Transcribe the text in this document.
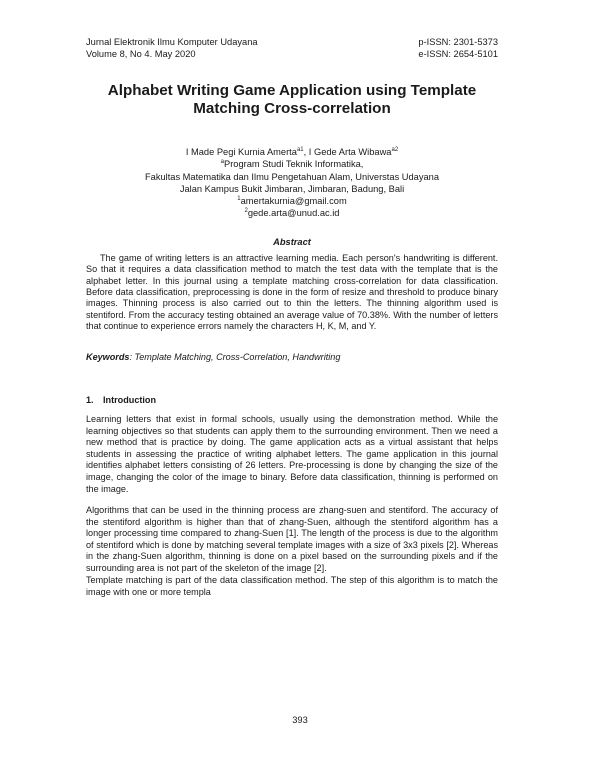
Jurnal Elektronik Ilmu Komputer Udayana
Volume 8, No 4. May 2020
p-ISSN: 2301-5373
e-ISSN: 2654-5101
Alphabet Writing Game Application using Template Matching Cross-correlation
I Made Pegi Kurnia Amerta$^{a1}$, I Gede Arta Wibawa$^{a2}$
$^a$Program Studi Teknik Informatika,
Fakultas Matematika dan Ilmu Pengetahuan Alam, Universtas Udayana
Jalan Kampus Bukit Jimbaran, Jimbaran, Badung, Bali
$^1$amertakurnia@gmail.com
$^2$gede.arta@unud.ac.id
Abstract
The game of writing letters is an attractive learning media. Each person's handwriting is different. So that it requires a data classification method to match the test data with the template that is the alphabet letter. In this journal using a template matching cross-correlation for data classification. Before data classification, preprocessing is done in the form of resize and threshold to produce binary images. Thinning process is also carried out to thin the letters. The thinning algorithm used is stentiford. From the accuracy testing obtained an average value of 70.38%. With the number of letters that continue to experience errors namely the characters H, K, M, and Y.
Keywords: Template Matching, Cross-Correlation, Handwriting
1. Introduction
Learning letters that exist in formal schools, usually using the demonstration method. While the learning objectives so that students can apply them to the surrounding environment. Then we need a new method that is practice by doing. The game application acts as a virtual assistant that helps students in assessing the practice of writing alphabet letters. The game application in this journal identifies alphabet letters consisting of 26 letters. Pre-processing is done by changing the size of the image, changing the color of the image to binary. Before data classification, thinning is performed on the image.
Algorithms that can be used in the thinning process are zhang-suen and stentiford. The accuracy of the stentiford algorithm is higher than that of zhang-Suen, although the stentiford algorithm has a longer processing time compared to zhang-Suen [1]. The length of the process is due to the algorithm of stentiford which is done by matching several template images with a size of 3x3 pixels [2]. Whereas in the zhang-Suen algorithm, thinning is done on a pixel based on the surrounding pixels and if the surrounding area is not part of the skeleton of the image [2].
Template matching is part of the data classification method. The step of this algorithm is to match the image with one or more templa
393
